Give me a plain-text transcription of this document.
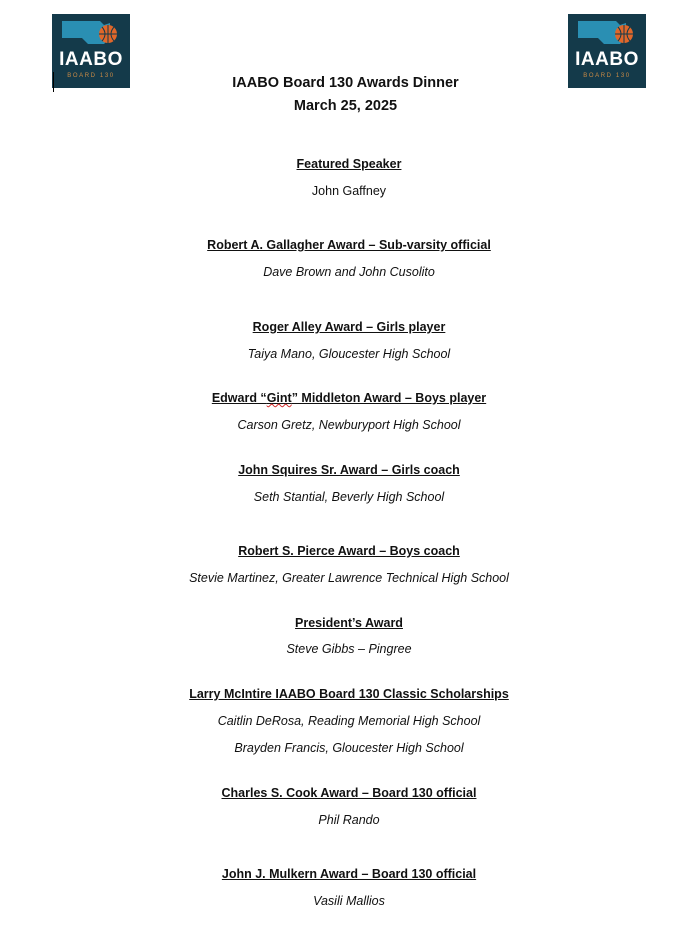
IAABO
BOARD 130
IAABO
BOARD 130
IAABO Board 130 Awards Dinner
March 25, 2025
Featured Speaker
John Gaffney
Robert A. Gallagher Award – Sub-varsity official
Dave Brown and John Cusolito
Roger Alley Award – Girls player
Taiya Mano, Gloucester High School
Edward “Gint” Middleton Award – Boys player
Carson Gretz, Newburyport High School
John Squires Sr. Award – Girls coach
Seth Stantial, Beverly High School
Robert S. Pierce Award – Boys coach
Stevie Martinez, Greater Lawrence Technical High School
President’s Award
Steve Gibbs – Pingree
Larry McIntire IAABO Board 130 Classic Scholarships
Caitlin DeRosa, Reading Memorial High School
Brayden Francis, Gloucester High School
Charles S. Cook Award – Board 130 official
Phil Rando
John J. Mulkern Award – Board 130 official
Vasili Mallios
